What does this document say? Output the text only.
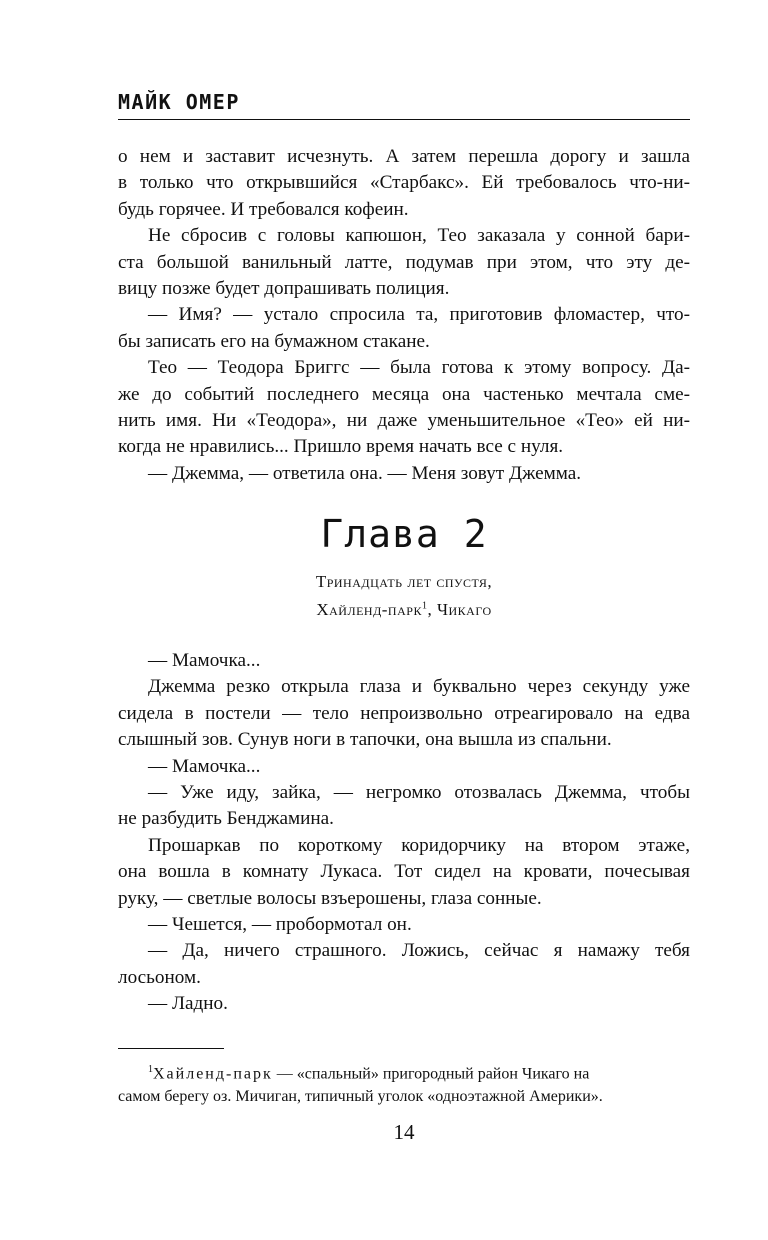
МАЙК ОМЕР

о нем и заставит исчезнуть. А затем перешла дорогу и зашла

в только что открывшийся «Старбакс». Ей требовалось что-ни-

будь горячее. И требовался кофеин.

Не сбросив с головы капюшон, Тео заказала у сонной бари-

ста большой ванильный латте, подумав при этом, что эту де-

вицу позже будет допрашивать полиция.

— Имя? — устало спросила та, приготовив фломастер, что-

бы записать его на бумажном стакане.

Тео — Теодора Бриггс — была готова к этому вопросу. Да-

же до событий последнего месяца она частенько мечтала сме-

нить имя. Ни «Теодора», ни даже уменьшительное «Тео» ей ни-

когда не нравились... Пришло время начать все с нуля.

— Джемма, — ответила она. — Меня зовут Джемма.

Глава 2
Тринадцать лет спустя,
Хайленд-парк$^1$, Чикаго

— Мамочка...

Джемма резко открыла глаза и буквально через секунду уже

сидела в постели — тело непроизвольно отреагировало на едва

слышный зов. Сунув ноги в тапочки, она вышла из спальни.

— Мамочка...

— Уже иду, зайка, — негромко отозвалась Джемма, чтобы

не разбудить Бенджамина.

Прошаркав по короткому коридорчику на втором этаже,

она вошла в комнату Лукаса. Тот сидел на кровати, почесывая

руку, — светлые волосы взъерошены, глаза сонные.

— Чешется, — пробормотал он.

— Да, ничего страшного. Ложись, сейчас я намажу тебя

лосьоном.

— Ладно.

$^1$Хайленд-парк — «спальный» пригородный район Чикаго на

самом берегу оз. Мичиган, типичный уголок «одноэтажной Америки».
14
